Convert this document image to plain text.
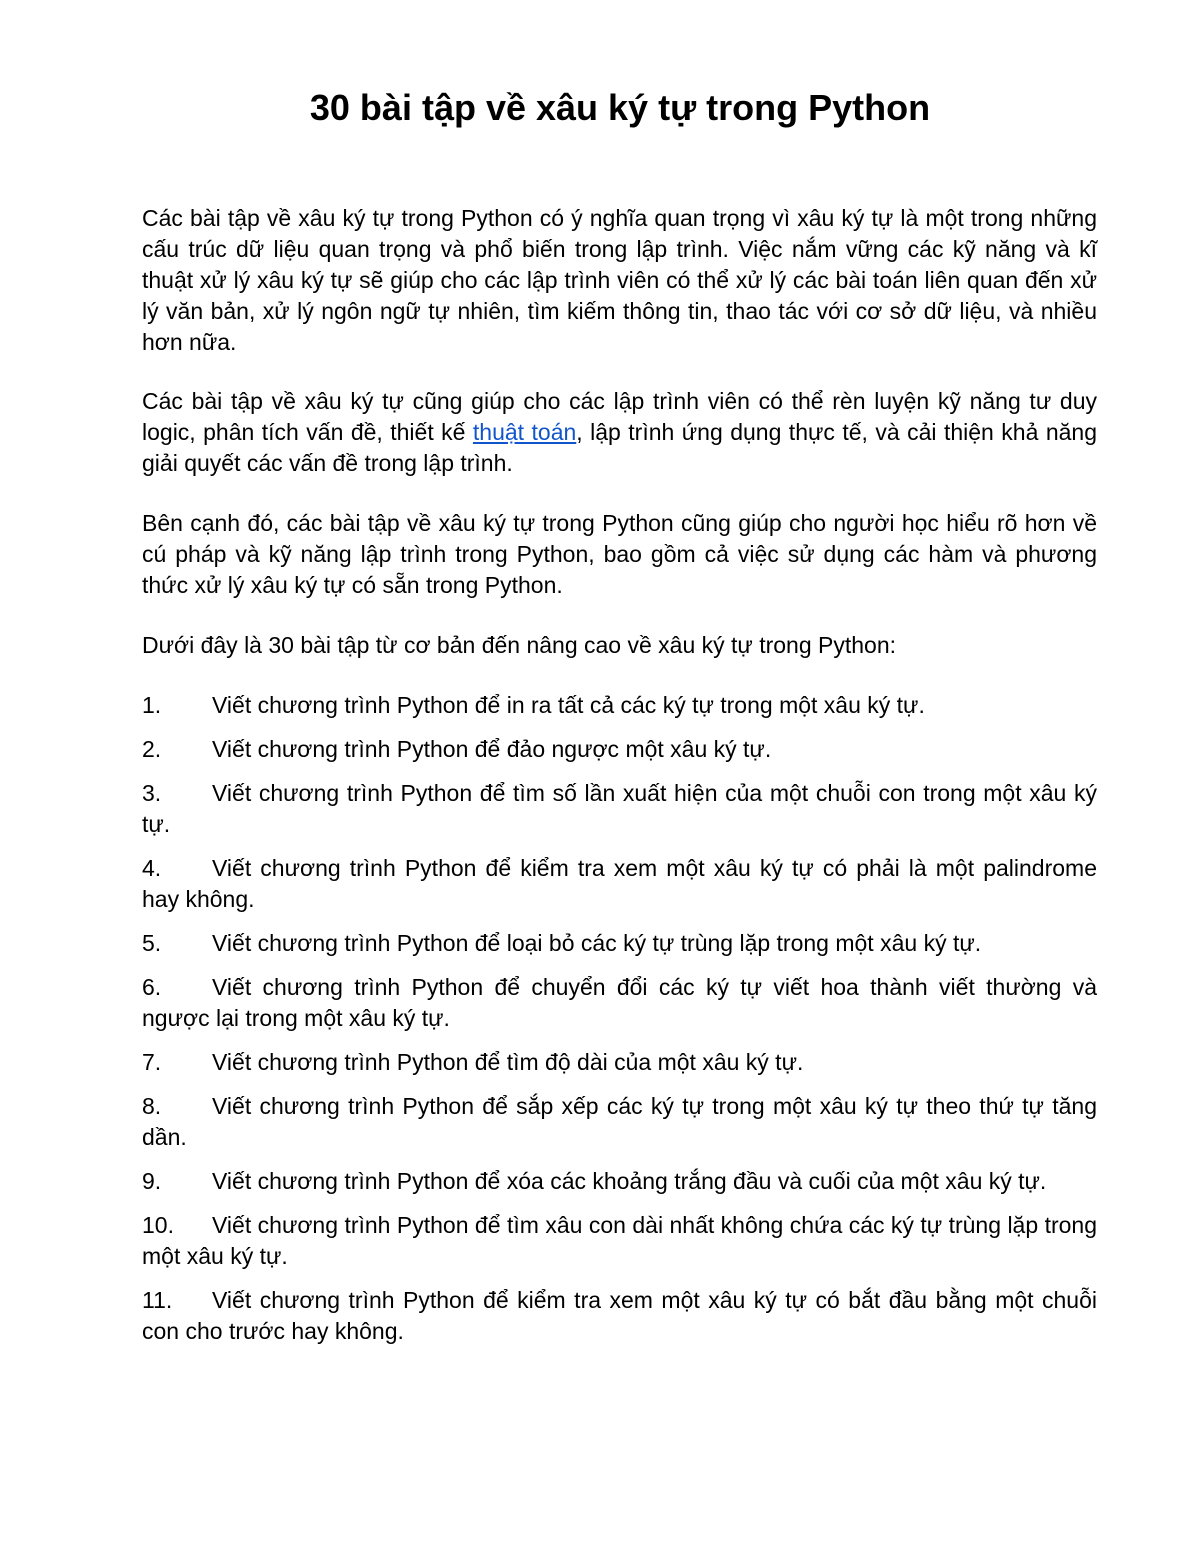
30 bài tập về xâu ký tự trong Python

Các bài tập về xâu ký tự trong Python có ý nghĩa quan trọng vì xâu ký tự là một trong những cấu trúc dữ liệu quan trọng và phổ biến trong lập trình. Việc nắm vững các kỹ năng và kĩ thuật xử lý xâu ký tự sẽ giúp cho các lập trình viên có thể xử lý các bài toán liên quan đến xử lý văn bản, xử lý ngôn ngữ tự nhiên, tìm kiếm thông tin, thao tác với cơ sở dữ liệu, và nhiều hơn nữa.

Các bài tập về xâu ký tự cũng giúp cho các lập trình viên có thể rèn luyện kỹ năng tư duy logic, phân tích vấn đề, thiết kế thuật toán, lập trình ứng dụng thực tế, và cải thiện khả năng giải quyết các vấn đề trong lập trình.

Bên cạnh đó, các bài tập về xâu ký tự trong Python cũng giúp cho người học hiểu rõ hơn về cú pháp và kỹ năng lập trình trong Python, bao gồm cả việc sử dụng các hàm và phương thức xử lý xâu ký tự có sẵn trong Python.

Dưới đây là 30 bài tập từ cơ bản đến nâng cao về xâu ký tự trong Python:

1. Viết chương trình Python để in ra tất cả các ký tự trong một xâu ký tự.
2. Viết chương trình Python để đảo ngược một xâu ký tự.
3. Viết chương trình Python để tìm số lần xuất hiện của một chuỗi con trong một xâu ký tự.
4. Viết chương trình Python để kiểm tra xem một xâu ký tự có phải là một palindrome hay không.
5. Viết chương trình Python để loại bỏ các ký tự trùng lặp trong một xâu ký tự.
6. Viết chương trình Python để chuyển đổi các ký tự viết hoa thành viết thường và ngược lại trong một xâu ký tự.
7. Viết chương trình Python để tìm độ dài của một xâu ký tự.
8. Viết chương trình Python để sắp xếp các ký tự trong một xâu ký tự theo thứ tự tăng dần.
9. Viết chương trình Python để xóa các khoảng trắng đầu và cuối của một xâu ký tự.
10. Viết chương trình Python để tìm xâu con dài nhất không chứa các ký tự trùng lặp trong một xâu ký tự.
11. Viết chương trình Python để kiểm tra xem một xâu ký tự có bắt đầu bằng một chuỗi con cho trước hay không.
